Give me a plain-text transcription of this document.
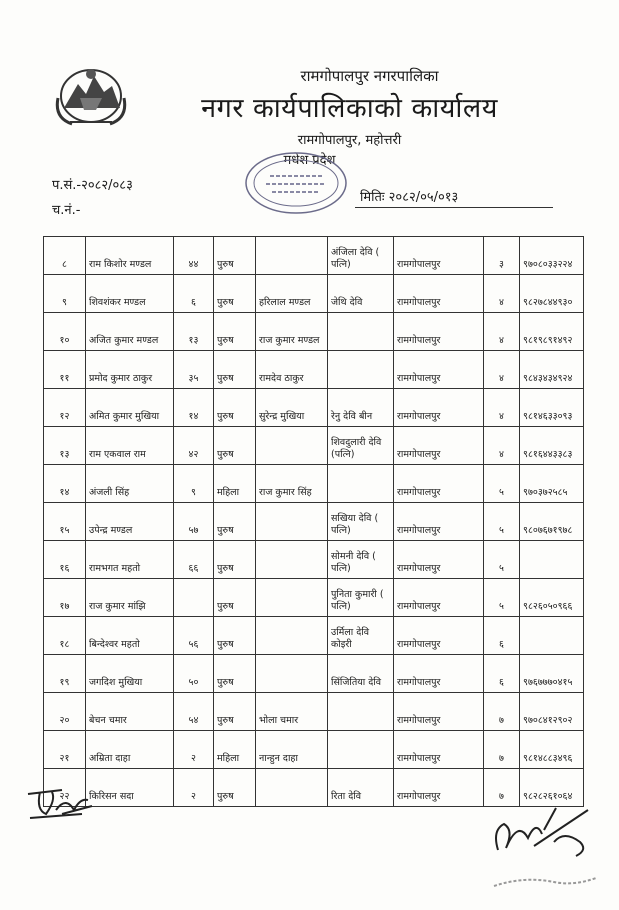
रामगोपालपुर नगरपालिका
नगर कार्यपालिकाको कार्यालय
रामगोपालपुर, महोत्तरी
मधेश प्रदेश
प.सं.-२०८२/०८३
च.नं.-
मितिः २०८२/०५/०१३
८	राम किशोर मण्डल	४४	पुरुष		अंजिला देवि ( पत्नि)	रामगोपालपुर	३	९७०८०३३२२४
९	शिवशंकर मण्डल	६	पुरुष	हरिलाल मण्डल	जेथि देवि	रामगोपालपुर	४	९८२७८४४९३०
१०	अजित कुमार मण्डल	१३	पुरुष	राज कुमार मण्डल		रामगोपालपुर	४	९८१९८९१४९२
११	प्रमोद कुमार ठाकुर	३५	पुरुष	रामदेव ठाकुर		रामगोपालपुर	४	९८४३४३४९२४
१२	अमित कुमार मुखिया	१४	पुरुष	सुरेन्द्र मुखिया	रेनु देवि बीन	रामगोपालपुर	४	९८१४६३३०९३
१३	राम एकवाल राम	४२	पुरुष		शिवदुलारी देवि (पत्नि)	रामगोपालपुर	४	९८१६४४३३८३
१४	अंजली सिंह	९	महिला	राज कुमार सिंह		रामगोपालपुर	५	९७०३७२५८५
१५	उपेन्द्र मण्डल	५७	पुरुष		सखिया देवि ( पत्नि)	रामगोपालपुर	५	९८०७६७१९७८
१६	रामभगत महतो	६६	पुरुष		सोमनी देवि ( पत्नि)	रामगोपालपुर	५	
१७	राज कुमार मांझि		पुरुष		पुनिता कुमारी ( पत्नि)	रामगोपालपुर	५	९८२६०५०९६६
१८	बिन्देश्वर महतो	५६	पुरुष		उर्मिला देवि कोइरी	रामगोपालपुर	६	
१९	जगदिश मुखिया	५०	पुरुष		सिंजितिया देवि	रामगोपालपुर	६	९७६७७७०४१५
२०	बेचन चमार	५४	पुरुष	भोला चमार		रामगोपालपुर	७	९७०८४१२९०२
२१	अम्रिता दाहा	२	महिला	नान्हुन दाहा		रामगोपालपुर	७	९८१४८८३४९६
२२	किरिसन सदा	२	पुरुष		रिता देवि	रामगोपालपुर	७	९८२८२६१०६४
